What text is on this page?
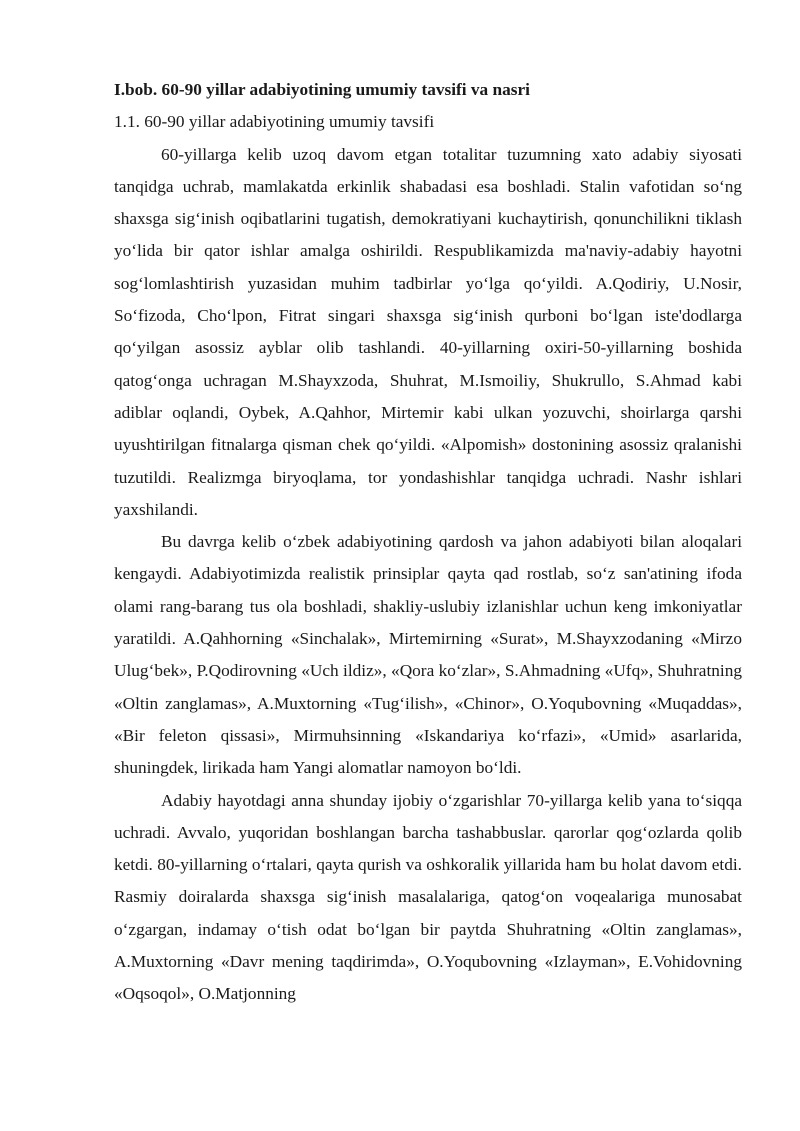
I.bob. 60-90 yillar adabiyotining umumiy tavsifi va nasri

1.1. 60-90 yillar adabiyotining umumiy tavsifi

60-yillarga kelib uzoq davom etgan totalitar tuzumning xato adabiy siyosati tanqidga uchrab, mamlakatda erkinlik shabadasi esa boshladi. Stalin vafotidan so‘ng shaxsga sig‘inish oqibatlarini tugatish, demokratiyani kuchaytirish, qonunchilikni tiklash yo‘lida bir qator ishlar amalga oshirildi. Respublikamizda ma'naviy-adabiy hayotni sog‘lomlashtirish yuzasidan muhim tadbirlar yo‘lga qo‘yildi. A.Qodiriy, U.Nosir, So‘fizoda, Cho‘lpon, Fitrat singari shaxsga sig‘inish qurboni bo‘lgan iste'dodlarga qo‘yilgan asossiz ayblar olib tashlandi. 40-yillarning oxiri-50-yillarning boshida qatog‘onga uchragan M.Shayxzoda, Shuhrat, M.Ismoiliy, Shukrullo, S.Ahmad kabi adiblar oqlandi, Oybek, A.Qahhor, Mirtemir kabi ulkan yozuvchi, shoirlarga qarshi uyushtirilgan fitnalarga qisman chek qo‘yildi. «Alpomish» dostonining asossiz qralanishi tuzutildi. Realizmga biryoqlama, tor yondashishlar tanqidga uchradi. Nashr ishlari yaxshilandi.

Bu davrga kelib o‘zbek adabiyotining qardosh va jahon adabiyoti bilan aloqalari kengaydi. Adabiyotimizda realistik prinsiplar qayta qad rostlab, so‘z san'atining ifoda olami rang-barang tus ola boshladi, shakliy-uslubiy izlanishlar uchun keng imkoniyatlar yaratildi. A.Qahhorning «Sinchalak», Mirtemirning «Surat», M.Shayxzodaning «Mirzo Ulug‘bek», P.Qodirovning «Uch ildiz», «Qora ko‘zlar», S.Ahmadning «Ufq», Shuhratning «Oltin zanglamas», A.Muxtorning «Tug‘ilish», «Chinor», O.Yoqubovning «Muqaddas», «Bir feleton qissasi», Mirmuhsinning «Iskandariya ko‘rfazi», «Umid» asarlarida, shuningdek, lirikada ham Yangi alomatlar namoyon bo‘ldi.

Adabiy hayotdagi anna shunday ijobiy o‘zgarishlar 70-yillarga kelib yana to‘siqqa uchradi. Avvalo, yuqoridan boshlangan barcha tashabbuslar. qarorlar qog‘ozlarda qolib ketdi. 80-yillarning o‘rtalari, qayta qurish va oshkoralik yillarida ham bu holat davom etdi. Rasmiy doiralarda shaxsga sig‘inish masalalariga, qatog‘on voqealariga munosabat o‘zgargan, indamay o‘tish odat bo‘lgan bir paytda Shuhratning «Oltin zanglamas», A.Muxtorning «Davr mening taqdirimda», O.Yoqubovning «Izlayman», E.Vohidovning «Oqsoqol», O.Matjonning
